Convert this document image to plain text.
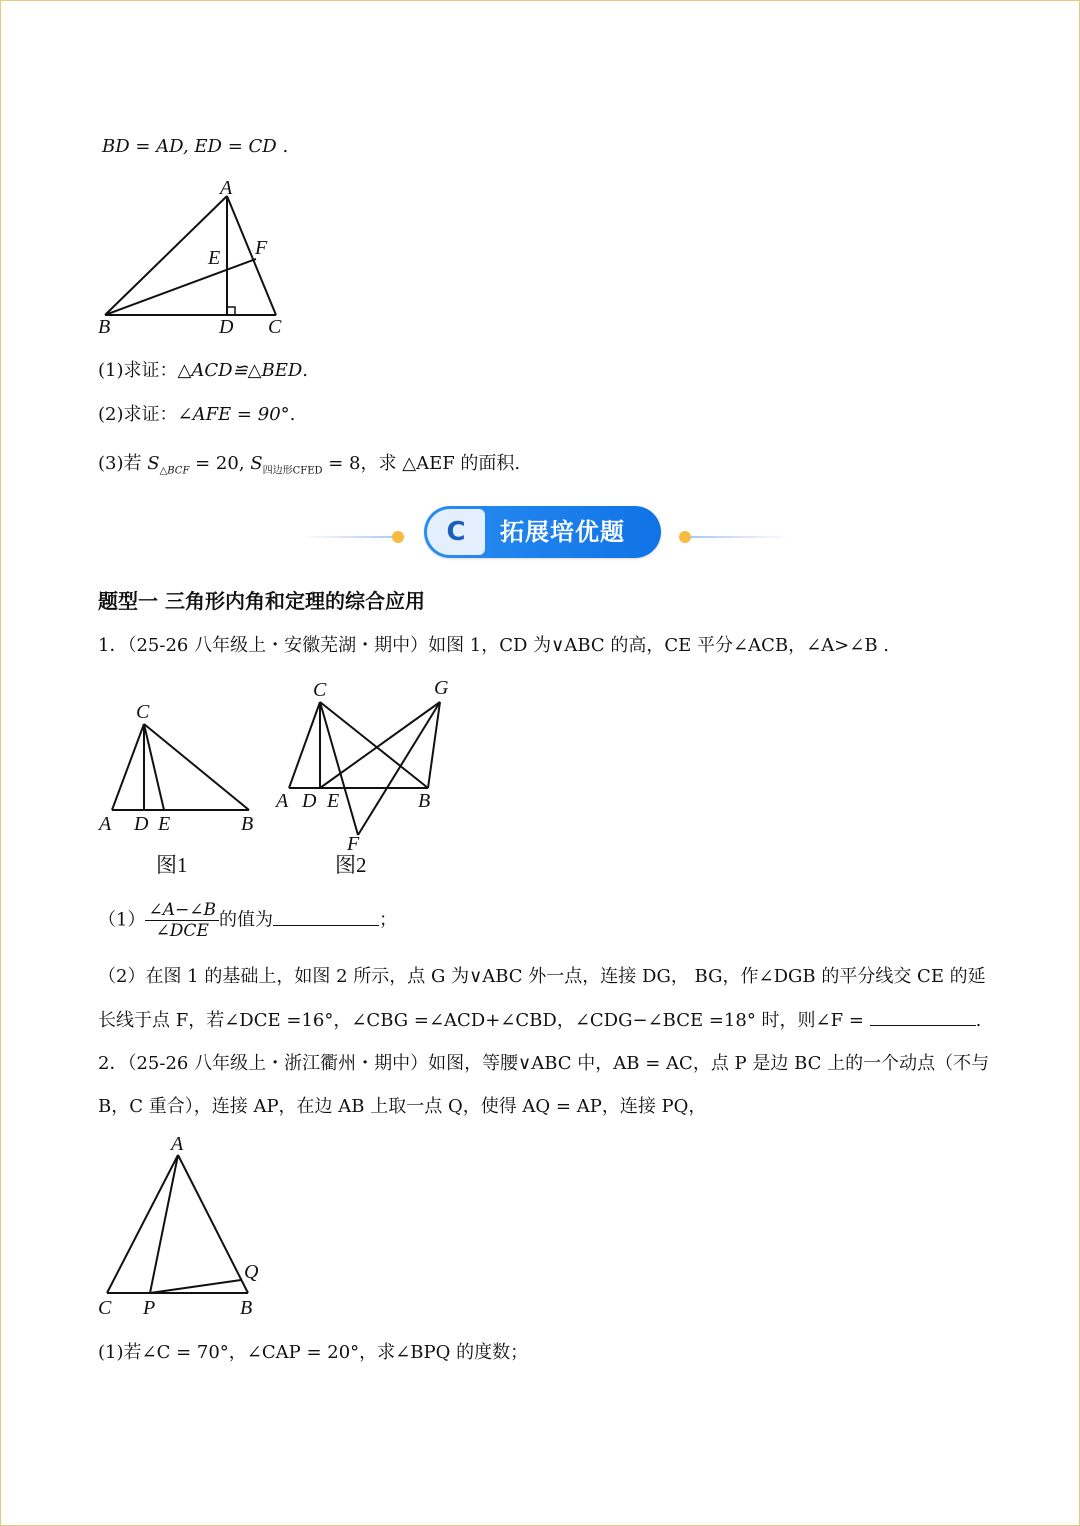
BD = AD, ED = CD .
A
B	C
D
E F
(1)求证：△ACD≌△BED.
(2)求证：∠AFE = 90°.
(3)若 $S_{\triangle BCF} = 20$, $S_{四边形CFED} = 8$，求 △AEF 的面积.
C	拓展培优题
题型一 三角形内角和定理的综合应用
1．（25-26 八年级上・安徽芜湖・期中）如图 1，CD 为∨ABC 的高，CE 平分∠ACB，∠A>∠B .
C
A D E	B
图1
C	G
A D E	B
F
图2
$(1) \frac{\angle A-\angle B}{\text{∠DCE}}$ 的值为	；
（2）在图 1 的基础上，如图 2 所示，点 G 为∨ABC 外一点，连接 DG， BG，作∠DGB 的平分线交 CE 的延
长线于点 F，若∠DCE =16°，∠CBG =∠ACD+∠CBD，∠CDG−∠BCE =18° 时，则∠F =	.
2．（25-26 八年级上・浙江衢州・期中）如图，等腰∨ABC 中，AB = AC，点 P 是边 BC 上的一个动点（不与
B，C 重合），连接 AP，在边 AB 上取一点 Q，使得 AQ = AP，连接 PQ，
A
C P	B
Q
(1)若∠C = 70°，∠CAP = 20°，求∠BPQ 的度数；
